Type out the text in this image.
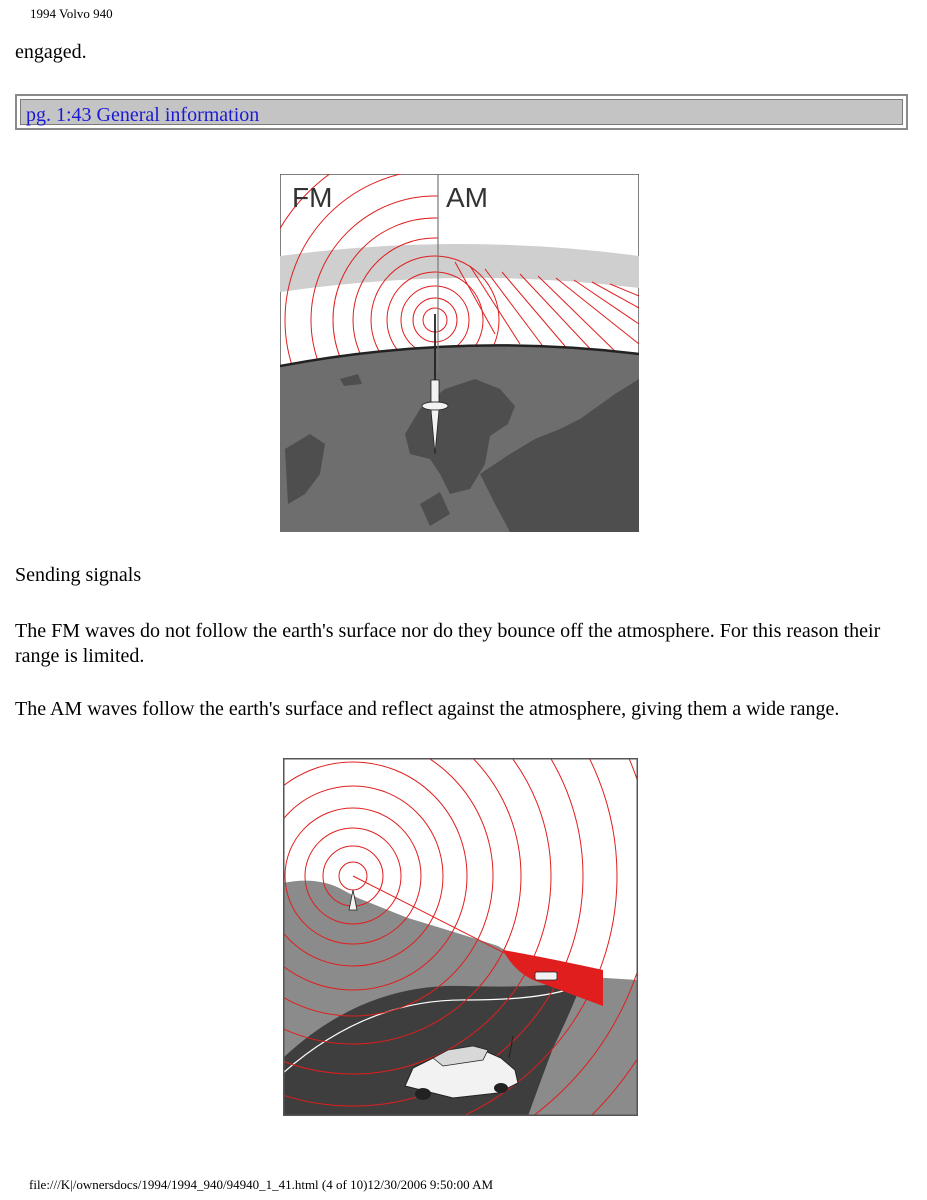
1994 Volvo 940
engaged.
pg. 1:43 General information
FM	AM
Sending signals
The FM waves do not follow the earth's surface nor do they bounce off the atmosphere. For this reason their range is limited.
The AM waves follow the earth's surface and reflect against the atmosphere, giving them a wide range.
file:///K|/ownersdocs/1994/1994_940/94940_1_41.html (4 of 10)12/30/2006 9:50:00 AM
